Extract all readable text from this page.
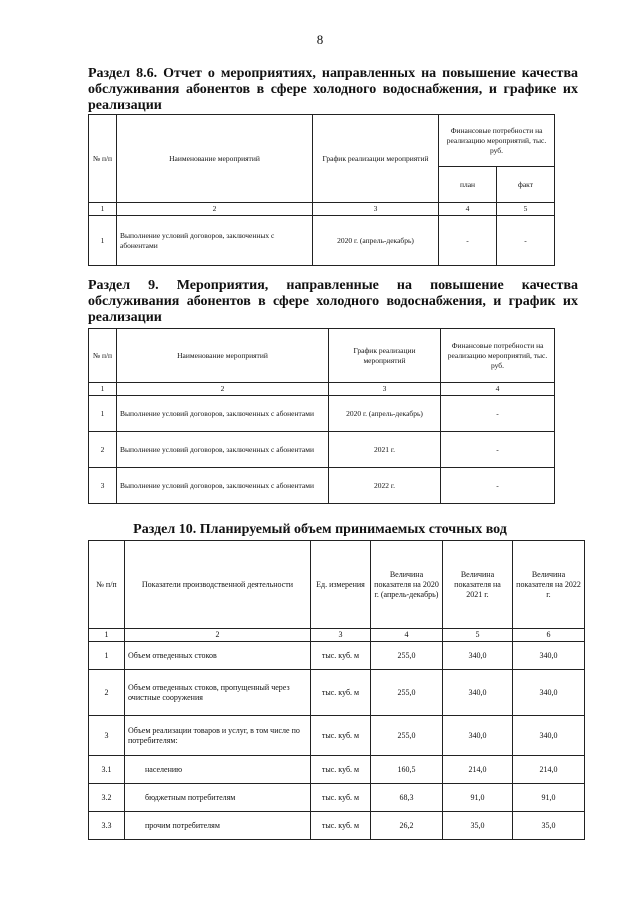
8
Раздел 8.6. Отчет о мероприятиях, направленных на повышение качества обслуживания абонентов в сфере холодного водоснабжения, и графике их реализации
№ п/п	Наименование мероприятий	График реализации мероприятий	Финансовые потребности на реализацию мероприятий, тыс. руб.	
			план	факт
1	2	3	4	5
1	Выполнение условий договоров, заключенных с абонентами	2020 г. (апрель-декабрь)	-	-
Раздел 9. Мероприятия, направленные на повышение качества обслуживания абонентов в сфере холодного водоснабжения, и график их реализации
№ п/п	Наименование мероприятий	График реализации мероприятий	Финансовые потребности на реализацию мероприятий, тыс. руб.
1	2	3	4
1	Выполнение условий договоров, заключенных с абонентами	2020 г. (апрель-декабрь)	-
2	Выполнение условий договоров, заключенных с абонентами	2021 г.	-
3	Выполнение условий договоров, заключенных с абонентами	2022 г.	-
Раздел 10. Планируемый объем принимаемых сточных вод
№ п/п	Показатели производственной деятельности	Ед. измерения	Величина показателя на 2020 г. (апрель-декабрь)	Величина показателя на 2021 г.	Величина показателя на 2022 г.
1	2	3	4	5	6
1	Объем отведенных стоков	тыс. куб. м	255,0	340,0	340,0
2	Объем отведенных стоков, пропущенный через очистные сооружения	тыс. куб. м	255,0	340,0	340,0
3	Объем реализации товаров и услуг, в том числе по потребителям:	тыс. куб. м	255,0	340,0	340,0
3.1	населению	тыс. куб. м	160,5	214,0	214,0
3.2	бюджетным потребителям	тыс. куб. м	68,3	91,0	91,0
3.3	прочим потребителям	тыс. куб. м	26,2	35,0	35,0
